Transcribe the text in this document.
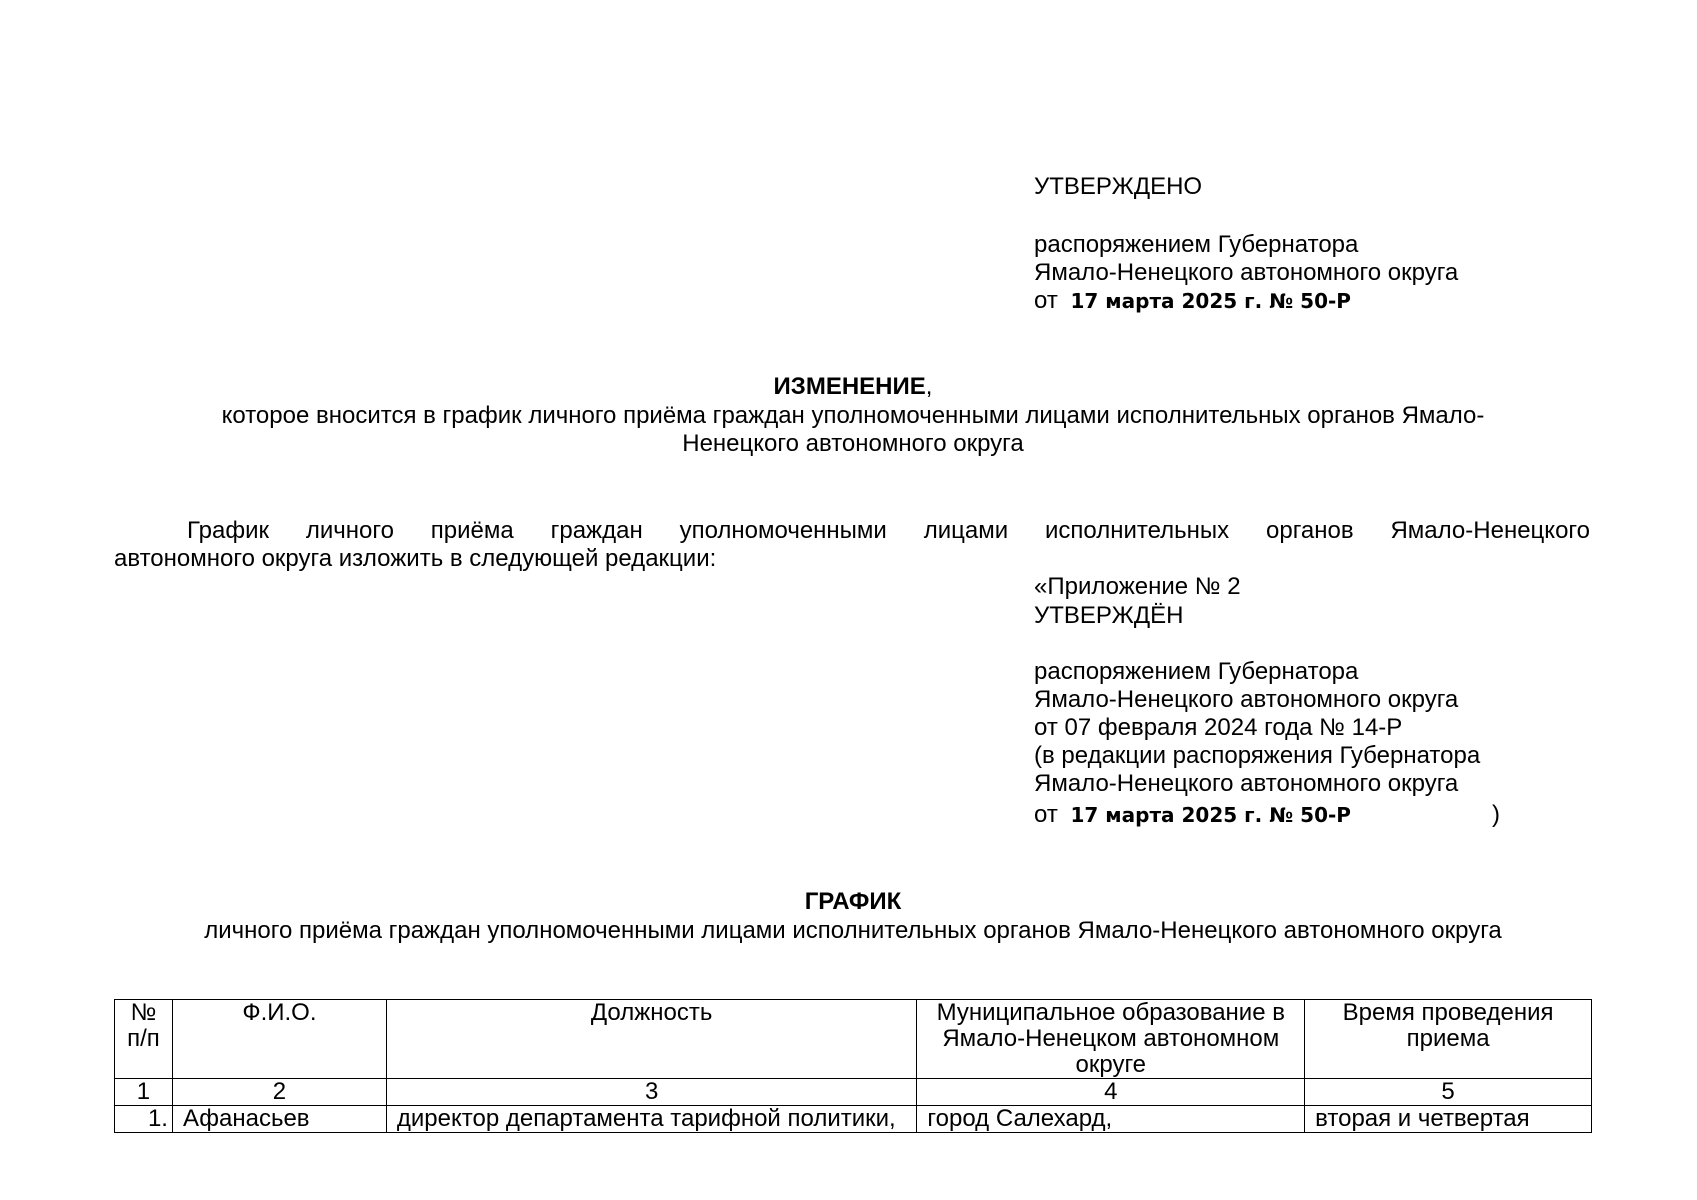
УТВЕРЖДЕНО
распоряжением Губернатора
Ямало-Ненецкого автономного округа
от 17 марта 2025 г. № 50-Р
ИЗМЕНЕНИЕ,
которое вносится в график личного приёма граждан уполномоченными лицами исполнительных органов Ямало-
Ненецкого автономного округа
График личного приёма граждан уполномоченными лицами исполнительных органов Ямало-Ненецкого
автономного округа изложить в следующей редакции:
«Приложение № 2
УТВЕРЖДЁН
распоряжением Губернатора
Ямало-Ненецкого автономного округа
от 07 февраля 2024 года № 14-Р
(в редакции распоряжения Губернатора
Ямало-Ненецкого автономного округа
от 17 марта 2025 г. № 50-Р	)
ГРАФИК
личного приёма граждан уполномоченными лицами исполнительных органов Ямало-Ненецкого автономного округа
№ п/п	Ф.И.О.	Должность	Муниципальное образование в Ямало-Ненецком автономном округе	Время проведения приема
1	2	3	4	5
1.	Афанасьев	директор департамента тарифной политики,	город Салехард,	вторая и четвертая
